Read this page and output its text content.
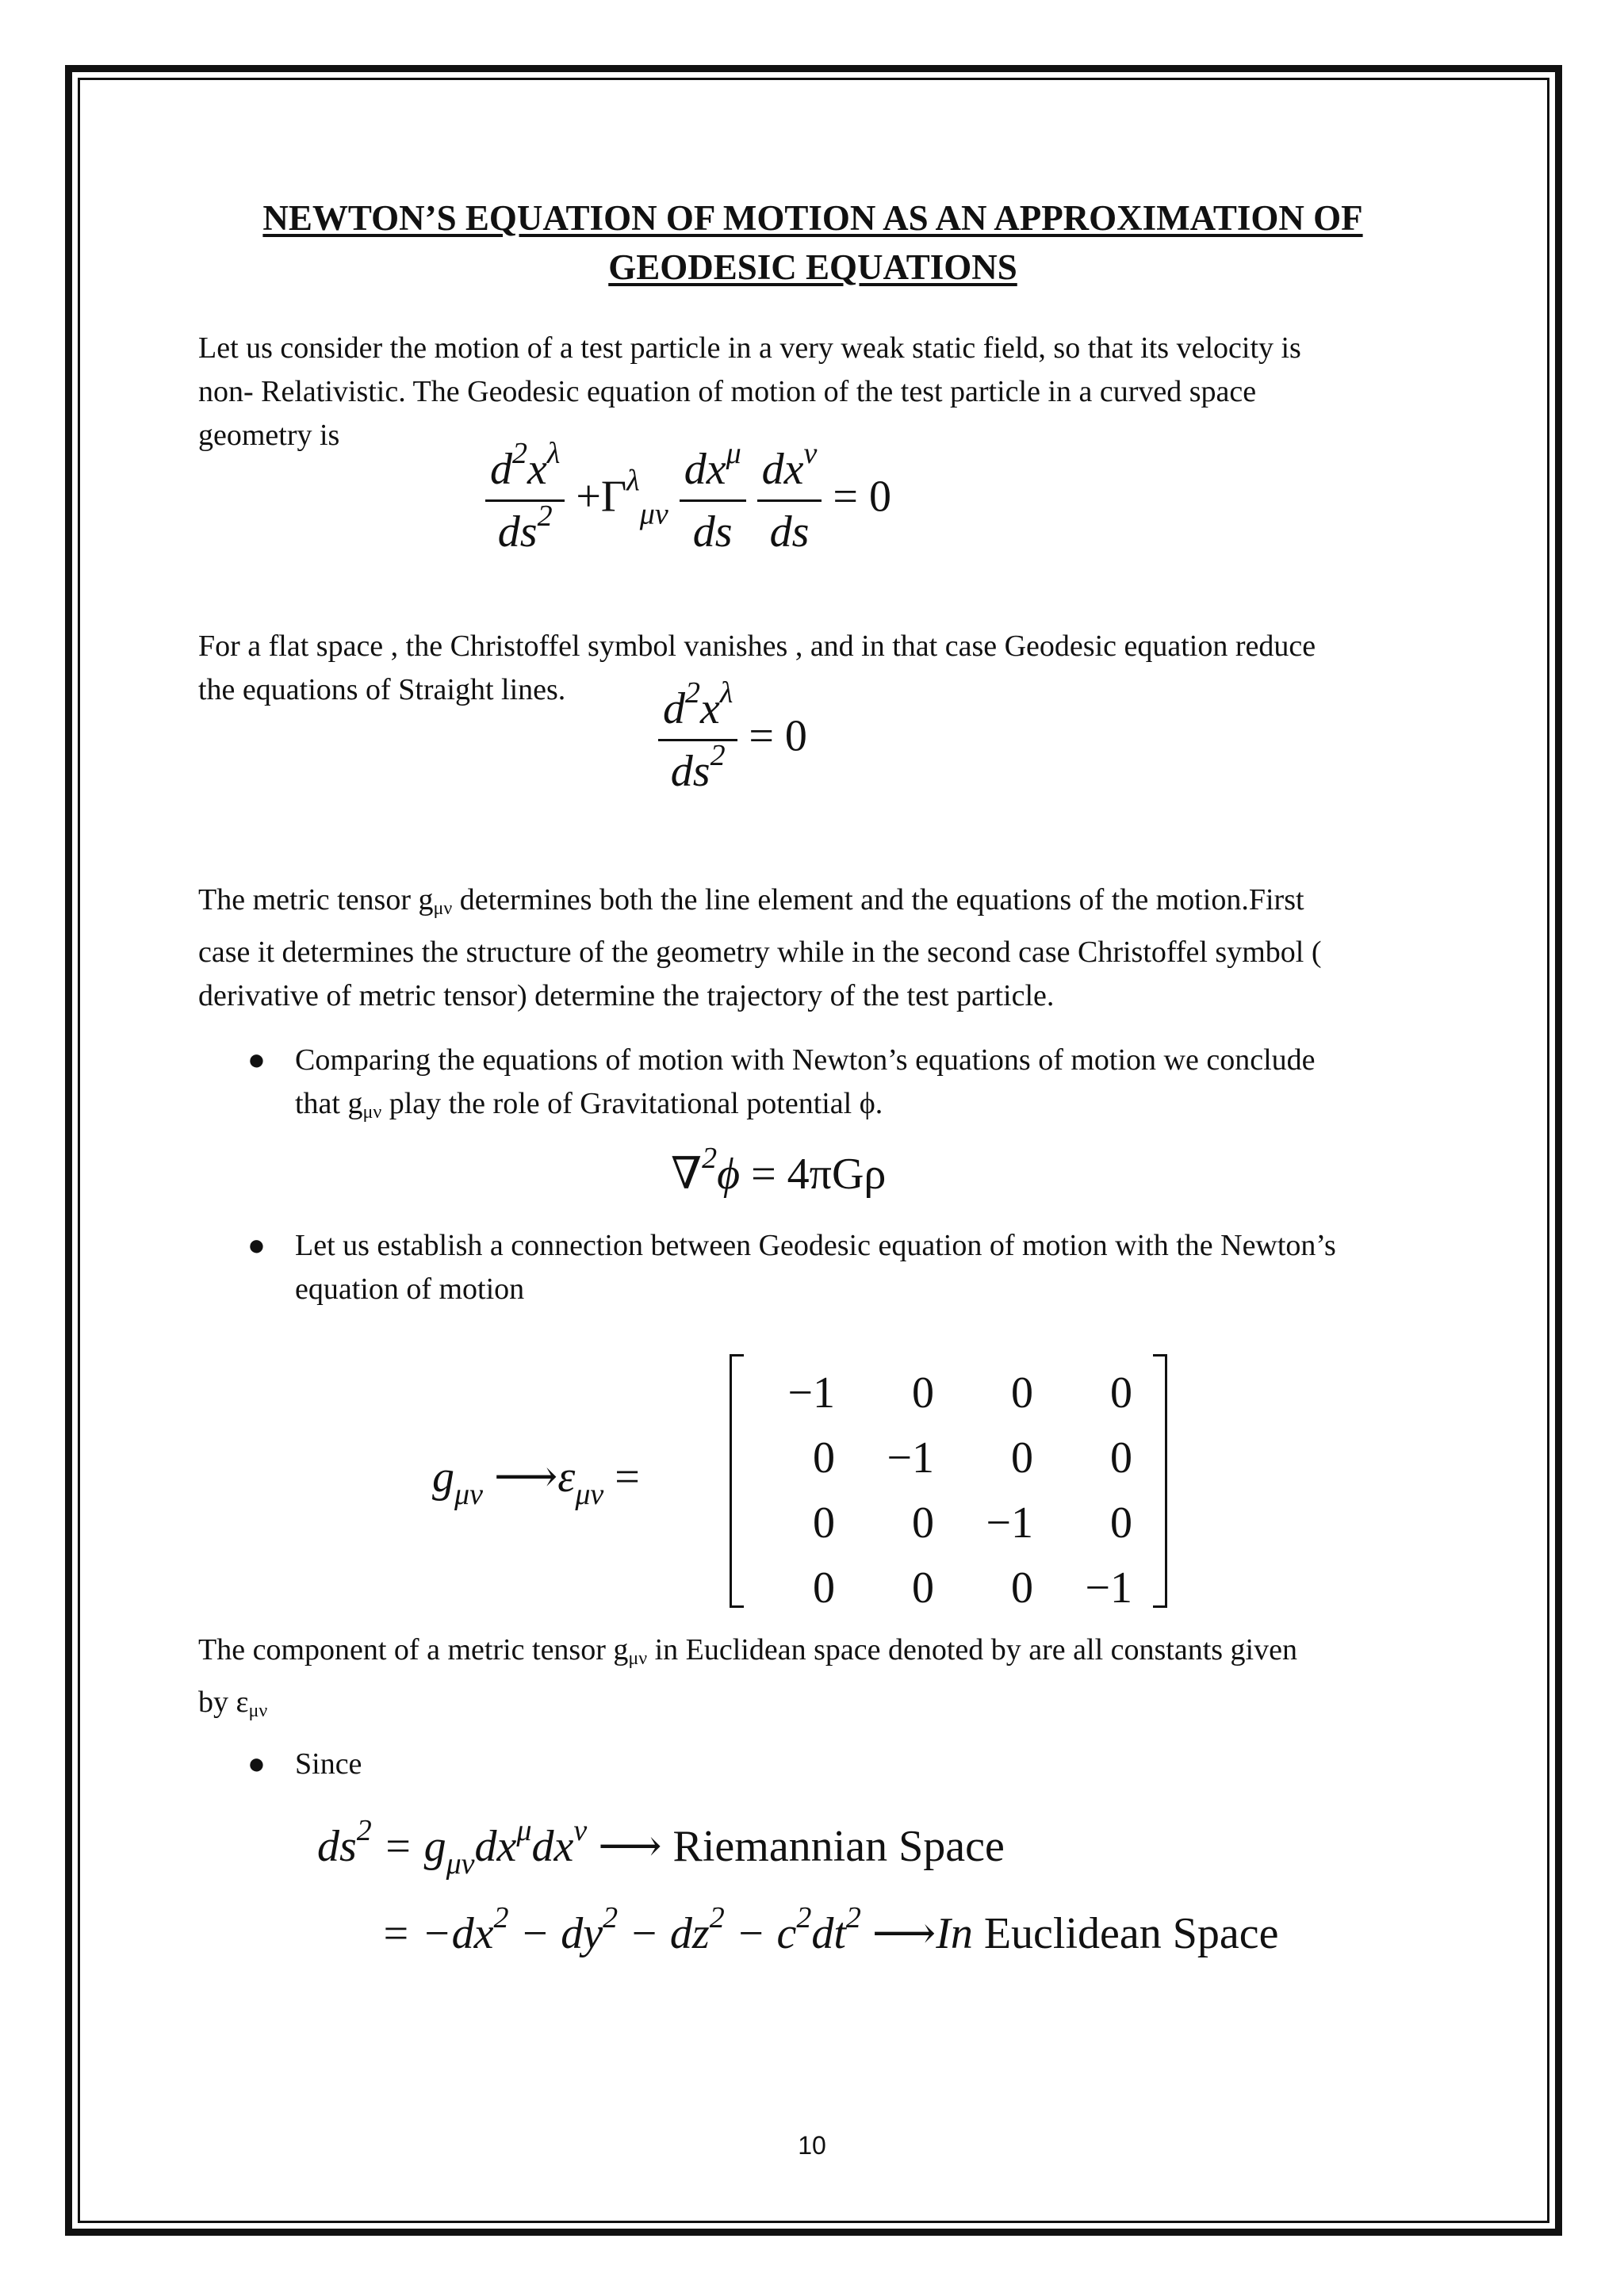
NEWTON’S EQUATION OF MOTION AS AN APPROXIMATION OF
GEODESIC EQUATIONS
Let us consider the motion of a test particle in a very weak static field, so that its velocity is
non- Relativistic. The Geodesic equation of motion of the test particle in a curved space
geometry is
$\frac{d^2x^\lambda}{ds^2} +\Gamma^\lambda_{\mu\nu} \frac{dx^\mu}{ds}$
$\frac{dx^\nu}{ds} = 0$
For a flat space , the Christoffel symbol vanishes , and in that case Geodesic equation reduce
the equations of Straight lines.	$\frac{d^2x^\lambda}{ds^2} = 0$
The metric tensor $g_{\mu\nu}$ determines both the line element and the equations of the motion.First
case it determines the structure of the geometry while in the second case Christoffel symbol (
derivative of metric tensor) determine the trajectory of the test particle.
● Comparing the equations of motion with Newton’s equations of motion we conclude
that $g_{\mu\nu}$ play the role of Gravitational potential ϕ.
∇$^2$ϕ = 4πGρ
● Let us establish a connection between Geodesic equation of motion with the Newton’s
equation of motion
$g_{\mu\nu}$ $⟶\varepsilon_{\mu\nu}$ =
−1	0	0	0
0	−1	0	0
0	0	−1	0
0	0	0	−1
The component of a metric tensor $g_{\mu\nu}$ in Euclidean space denoted by are all constants given
by $\varepsilon_{\mu\nu}$
● Since
$ds^2 = g_{\mu\nu}dx^\mu dx^\nu$ ⟶ Riemannian Space
= $-dx^2 - dy^2 - dz^2 - c^2dt^2$ ⟶In Euclidean Space
10
